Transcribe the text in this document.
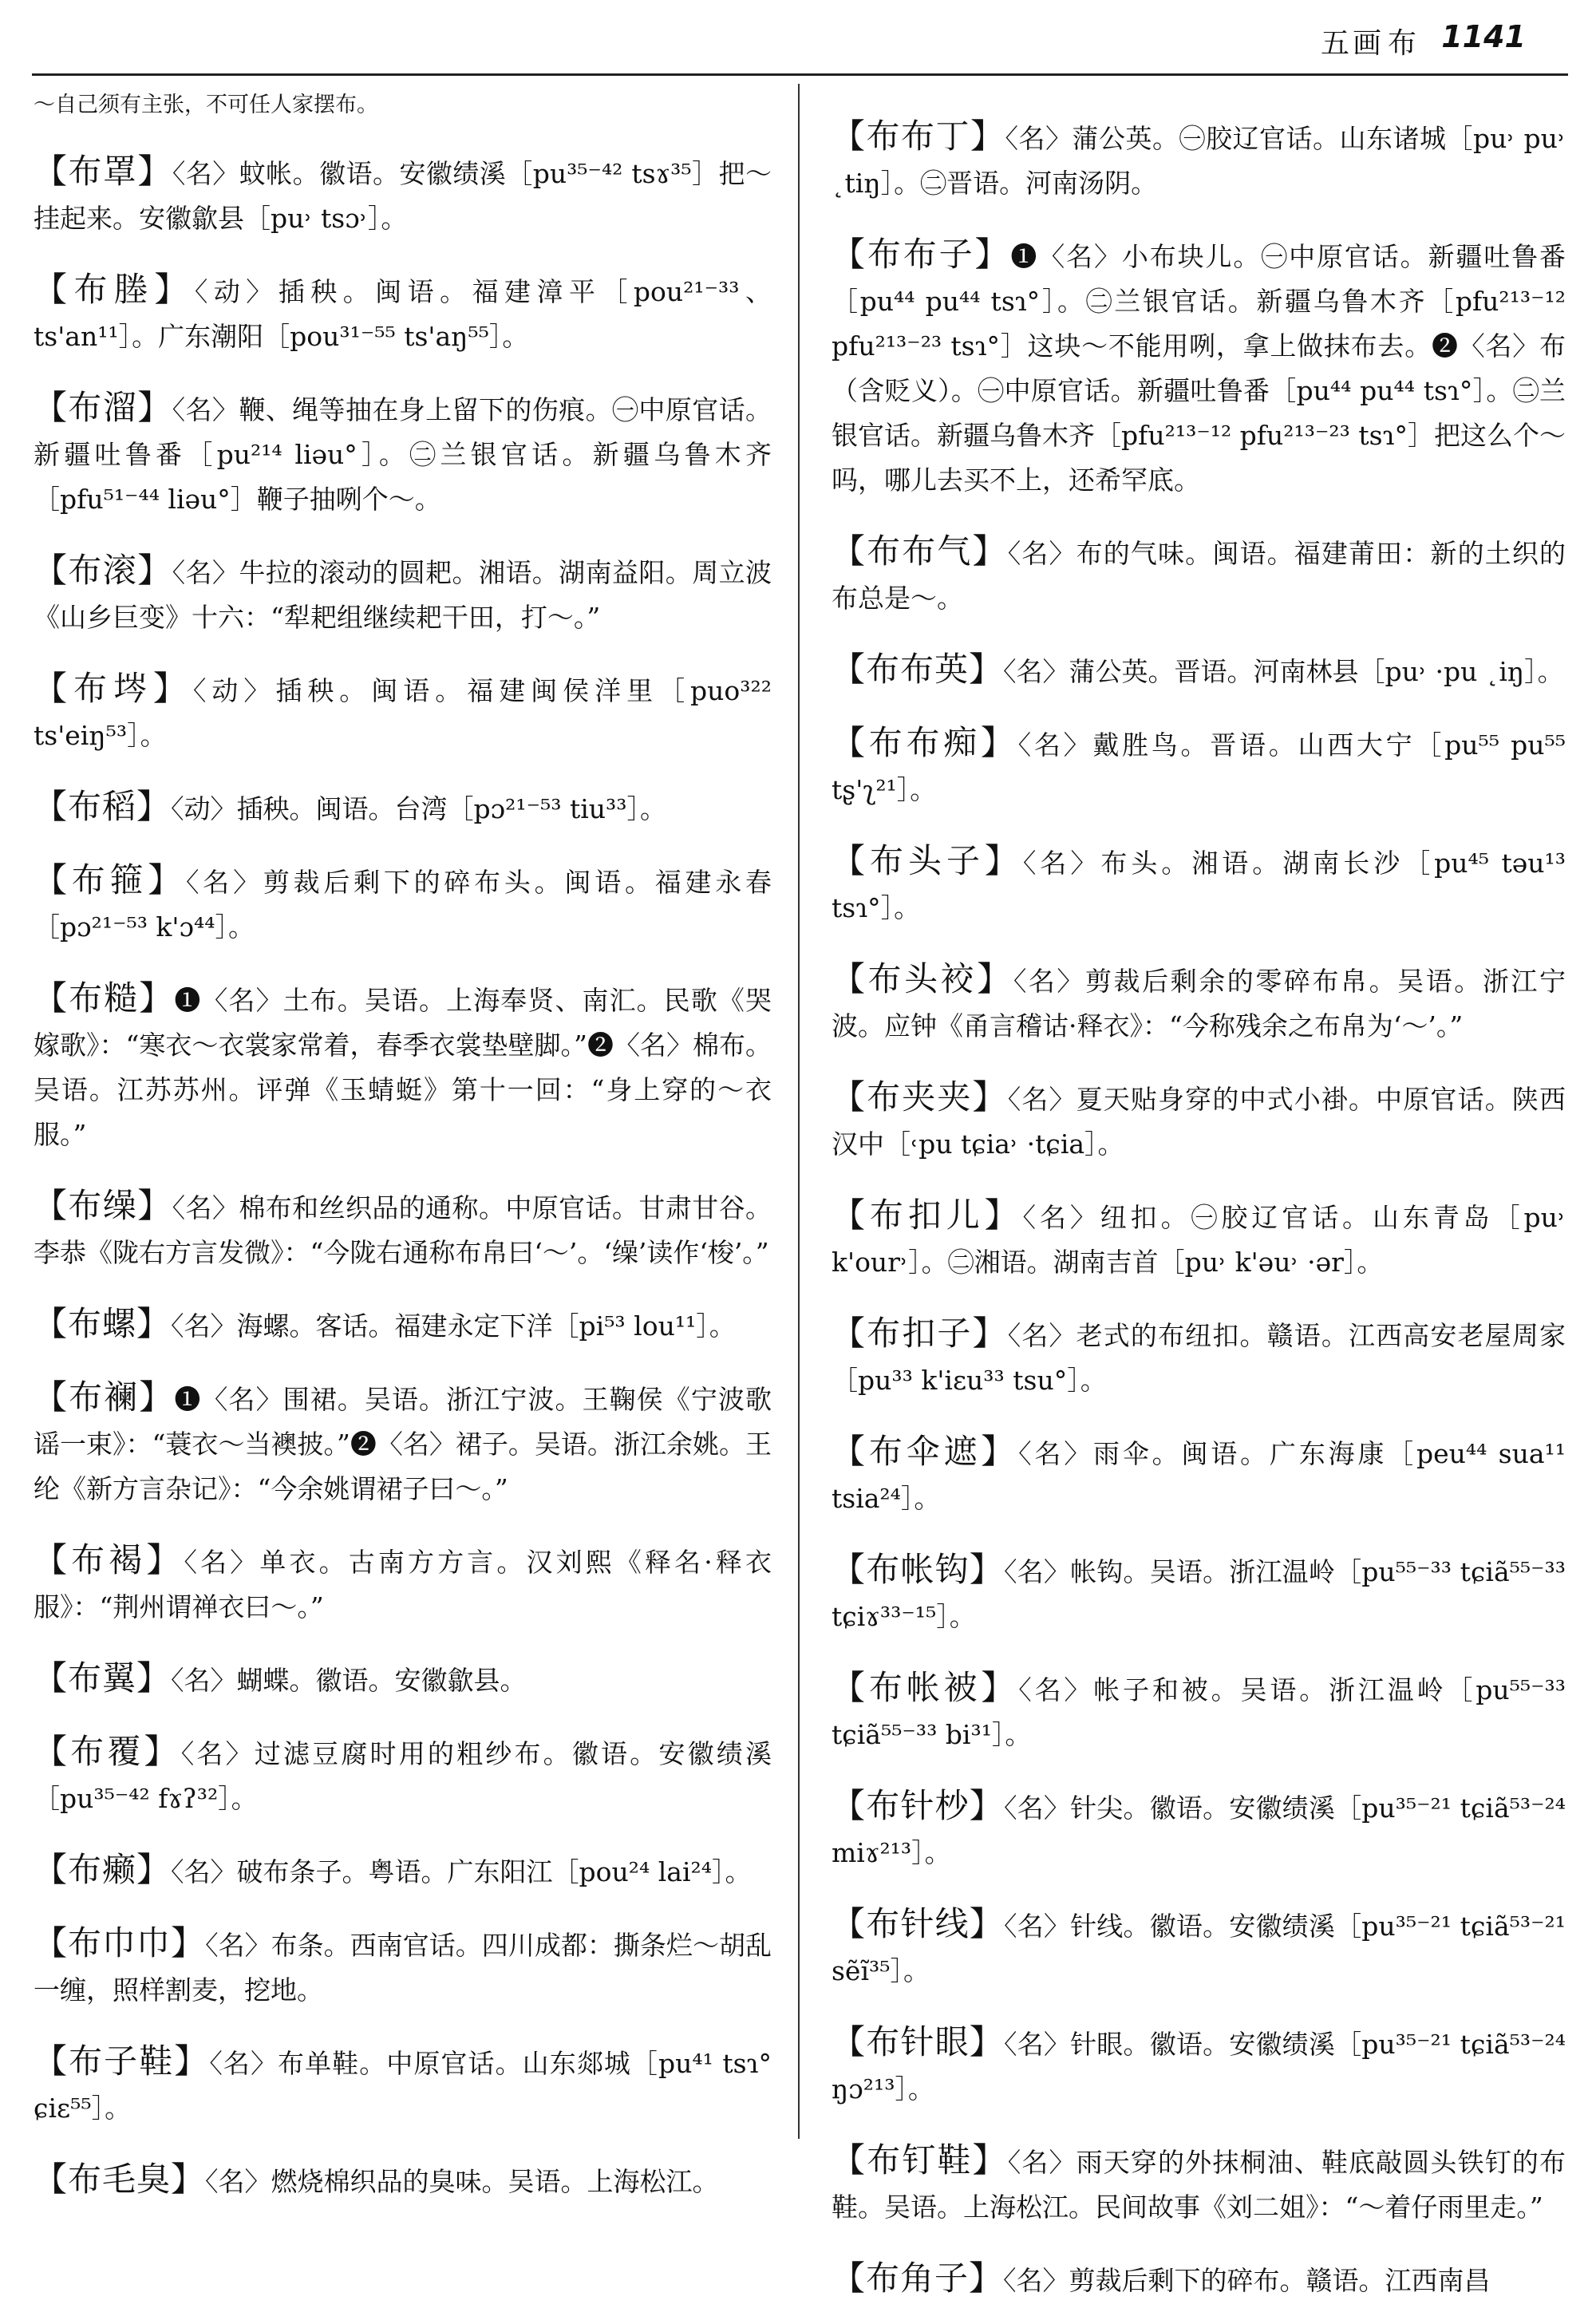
五画 布 1141
～自己须有主张，不可任人家摆布。

【布罩】〈名〉蚊帐。徽语。安徽绩溪［pu³⁵⁻⁴² tsɤ³⁵］把～挂起来。安徽歙县［pu˒ tsɔ˒］。

【布塍】〈动〉插秧。闽语。福建漳平［pou²¹⁻³³、ts'an¹¹］。广东潮阳［pou³¹⁻⁵⁵ ts'aŋ⁵⁵］。

【布溜】〈名〉鞭、绳等抽在身上留下的伤痕。㊀中原官话。新疆吐鲁番［pu²¹⁴ liəu°］。㊁兰银官话。新疆乌鲁木齐［pfu⁵¹⁻⁴⁴ liəu°］鞭子抽咧个～。

【布滚】〈名〉牛拉的滚动的圆耙。湘语。湖南益阳。周立波《山乡巨变》十六：“犁耙组继续耙干田，打～。”

【布埁】〈动〉插秧。闽语。福建闽侯洋里［puo³²² ts'eiŋ⁵³］。

【布稻】〈动〉插秧。闽语。台湾［pɔ²¹⁻⁵³ tiu³³］。

【布箍】〈名〉剪裁后剩下的碎布头。闽语。福建永春［pɔ²¹⁻⁵³ k'ɔ⁴⁴］。

【布糙】❶〈名〉土布。吴语。上海奉贤、南汇。民歌《哭嫁歌》：“寒衣～衣裳家常着，春季衣裳垫壁脚。”❷〈名〉棉布。吴语。江苏苏州。评弹《玉蜻蜓》第十一回：“身上穿的～衣服。”

【布缲】〈名〉棉布和丝织品的通称。中原官话。甘肃甘谷。李恭《陇右方言发微》：“今陇右通称布帛曰‘～’。‘缲’读作‘梭’。”

【布螺】〈名〉海螺。客话。福建永定下洋［pi⁵³ lou¹¹］。

【布襕】❶〈名〉围裙。吴语。浙江宁波。王鞠侯《宁波歌谣一束》：“蓑衣～当襖披。”❷〈名〉裙子。吴语。浙江余姚。王纶《新方言杂记》：“今余姚谓裙子曰～。”

【布褐】〈名〉单衣。古南方方言。汉刘熙《释名·释衣服》：“荆州谓禅衣曰～。”

【布翼】〈名〉蝴蝶。徽语。安徽歙县。

【布覆】〈名〉过滤豆腐时用的粗纱布。徽语。安徽绩溪［pu³⁵⁻⁴² fɤʔ³²］。

【布癞】〈名〉破布条子。粤语。广东阳江［pou²⁴ lai²⁴］。

【布巾巾】〈名〉布条。西南官话。四川成都：撕条烂～胡乱一缠，照样割麦，挖地。

【布子鞋】〈名〉布单鞋。中原官话。山东郯城［pu⁴¹ tsɿ° ɕiɛ⁵⁵］。

【布毛臭】〈名〉燃烧棉织品的臭味。吴语。上海松江。

【布布丁】〈名〉蒲公英。㊀胶辽官话。山东诸城［pu˒ pu˒ ˛tiŋ］。㊁晋语。河南汤阴。

【布布子】❶〈名〉小布块儿。㊀中原官话。新疆吐鲁番［pu⁴⁴ pu⁴⁴ tsɿ°］。㊁兰银官话。新疆乌鲁木齐［pfu²¹³⁻¹² pfu²¹³⁻²³ tsɿ°］这块～不能用咧，拿上做抹布去。❷〈名〉布（含贬义）。㊀中原官话。新疆吐鲁番［pu⁴⁴ pu⁴⁴ tsɿ°］。㊁兰银官话。新疆乌鲁木齐［pfu²¹³⁻¹² pfu²¹³⁻²³ tsɿ°］把这么个～吗，哪儿去买不上，还希罕底。

【布布气】〈名〉布的气味。闽语。福建莆田：新的土织的布总是～。

【布布英】〈名〉蒲公英。晋语。河南林县［pu˒ ·pu ˛iŋ］。

【布布痴】〈名〉戴胜鸟。晋语。山西大宁［pu⁵⁵ pu⁵⁵ tʂ'ʅ²¹］。

【布头子】〈名〉布头。湘语。湖南长沙［pu⁴⁵ təu¹³ tsɿ°］。

【布头䘨】〈名〉剪裁后剩余的零碎布帛。吴语。浙江宁波。应钟《甬言稽诂·释衣》：“今称残余之布帛为‘～’。”

【布夹夹】〈名〉夏天贴身穿的中式小褂。中原官话。陕西汉中［˓pu tɕia˒ ·tɕia］。

【布扣儿】〈名〉纽扣。㊀胶辽官话。山东青岛［pu˒ k'our˒］。㊁湘语。湖南吉首［pu˒ k'əu˒ ·ər］。

【布扣子】〈名〉老式的布纽扣。赣语。江西高安老屋周家［pu³³ k'iɛu³³ tsu°］。

【布伞遮】〈名〉雨伞。闽语。广东海康［peu⁴⁴ sua¹¹ tsia²⁴］。

【布帐钩】〈名〉帐钩。吴语。浙江温岭［pu⁵⁵⁻³³ tɕiã⁵⁵⁻³³ tɕiɤ³³⁻¹⁵］。

【布帐被】〈名〉帐子和被。吴语。浙江温岭［pu⁵⁵⁻³³ tɕiã⁵⁵⁻³³ bi³¹］。

【布针杪】〈名〉针尖。徽语。安徽绩溪［pu³⁵⁻²¹ tɕiã⁵³⁻²⁴ miɤ²¹³］。

【布针线】〈名〉针线。徽语。安徽绩溪［pu³⁵⁻²¹ tɕiã⁵³⁻²¹ sẽĩ³⁵］。

【布针眼】〈名〉针眼。徽语。安徽绩溪［pu³⁵⁻²¹ tɕiã⁵³⁻²⁴ ŋɔ²¹³］。

【布钉鞋】〈名〉雨天穿的外抹桐油、鞋底敲圆头铁钉的布鞋。吴语。上海松江。民间故事《刘二姐》：“～着仔雨里走。”

【布角子】〈名〉剪裁后剩下的碎布。赣语。江西南昌
